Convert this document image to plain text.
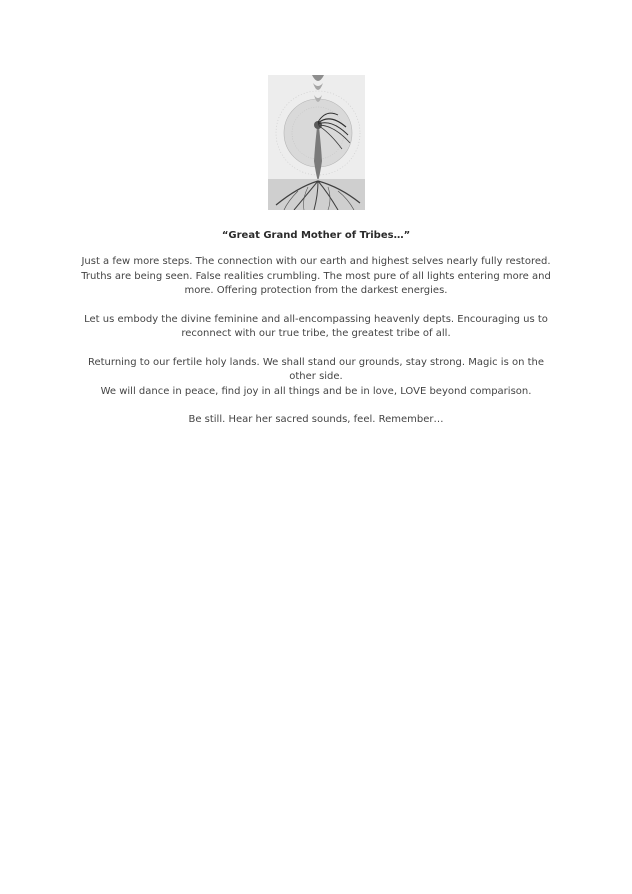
“Great Grand Mother of Tribes…”
Just a few more steps. The connection with our earth and highest selves nearly fully restored.
Truths are being seen. False realities crumbling. The most pure of all lights entering more and
more. Offering protection from the darkest energies.
Let us embody the divine feminine and all-encompassing heavenly depts. Encouraging us to
reconnect with our true tribe, the greatest tribe of all.
Returning to our fertile holy lands. We shall stand our grounds, stay strong. Magic is on the
other side.
We will dance in peace, find joy in all things and be in love, LOVE beyond comparison.
Be still. Hear her sacred sounds, feel. Remember…
